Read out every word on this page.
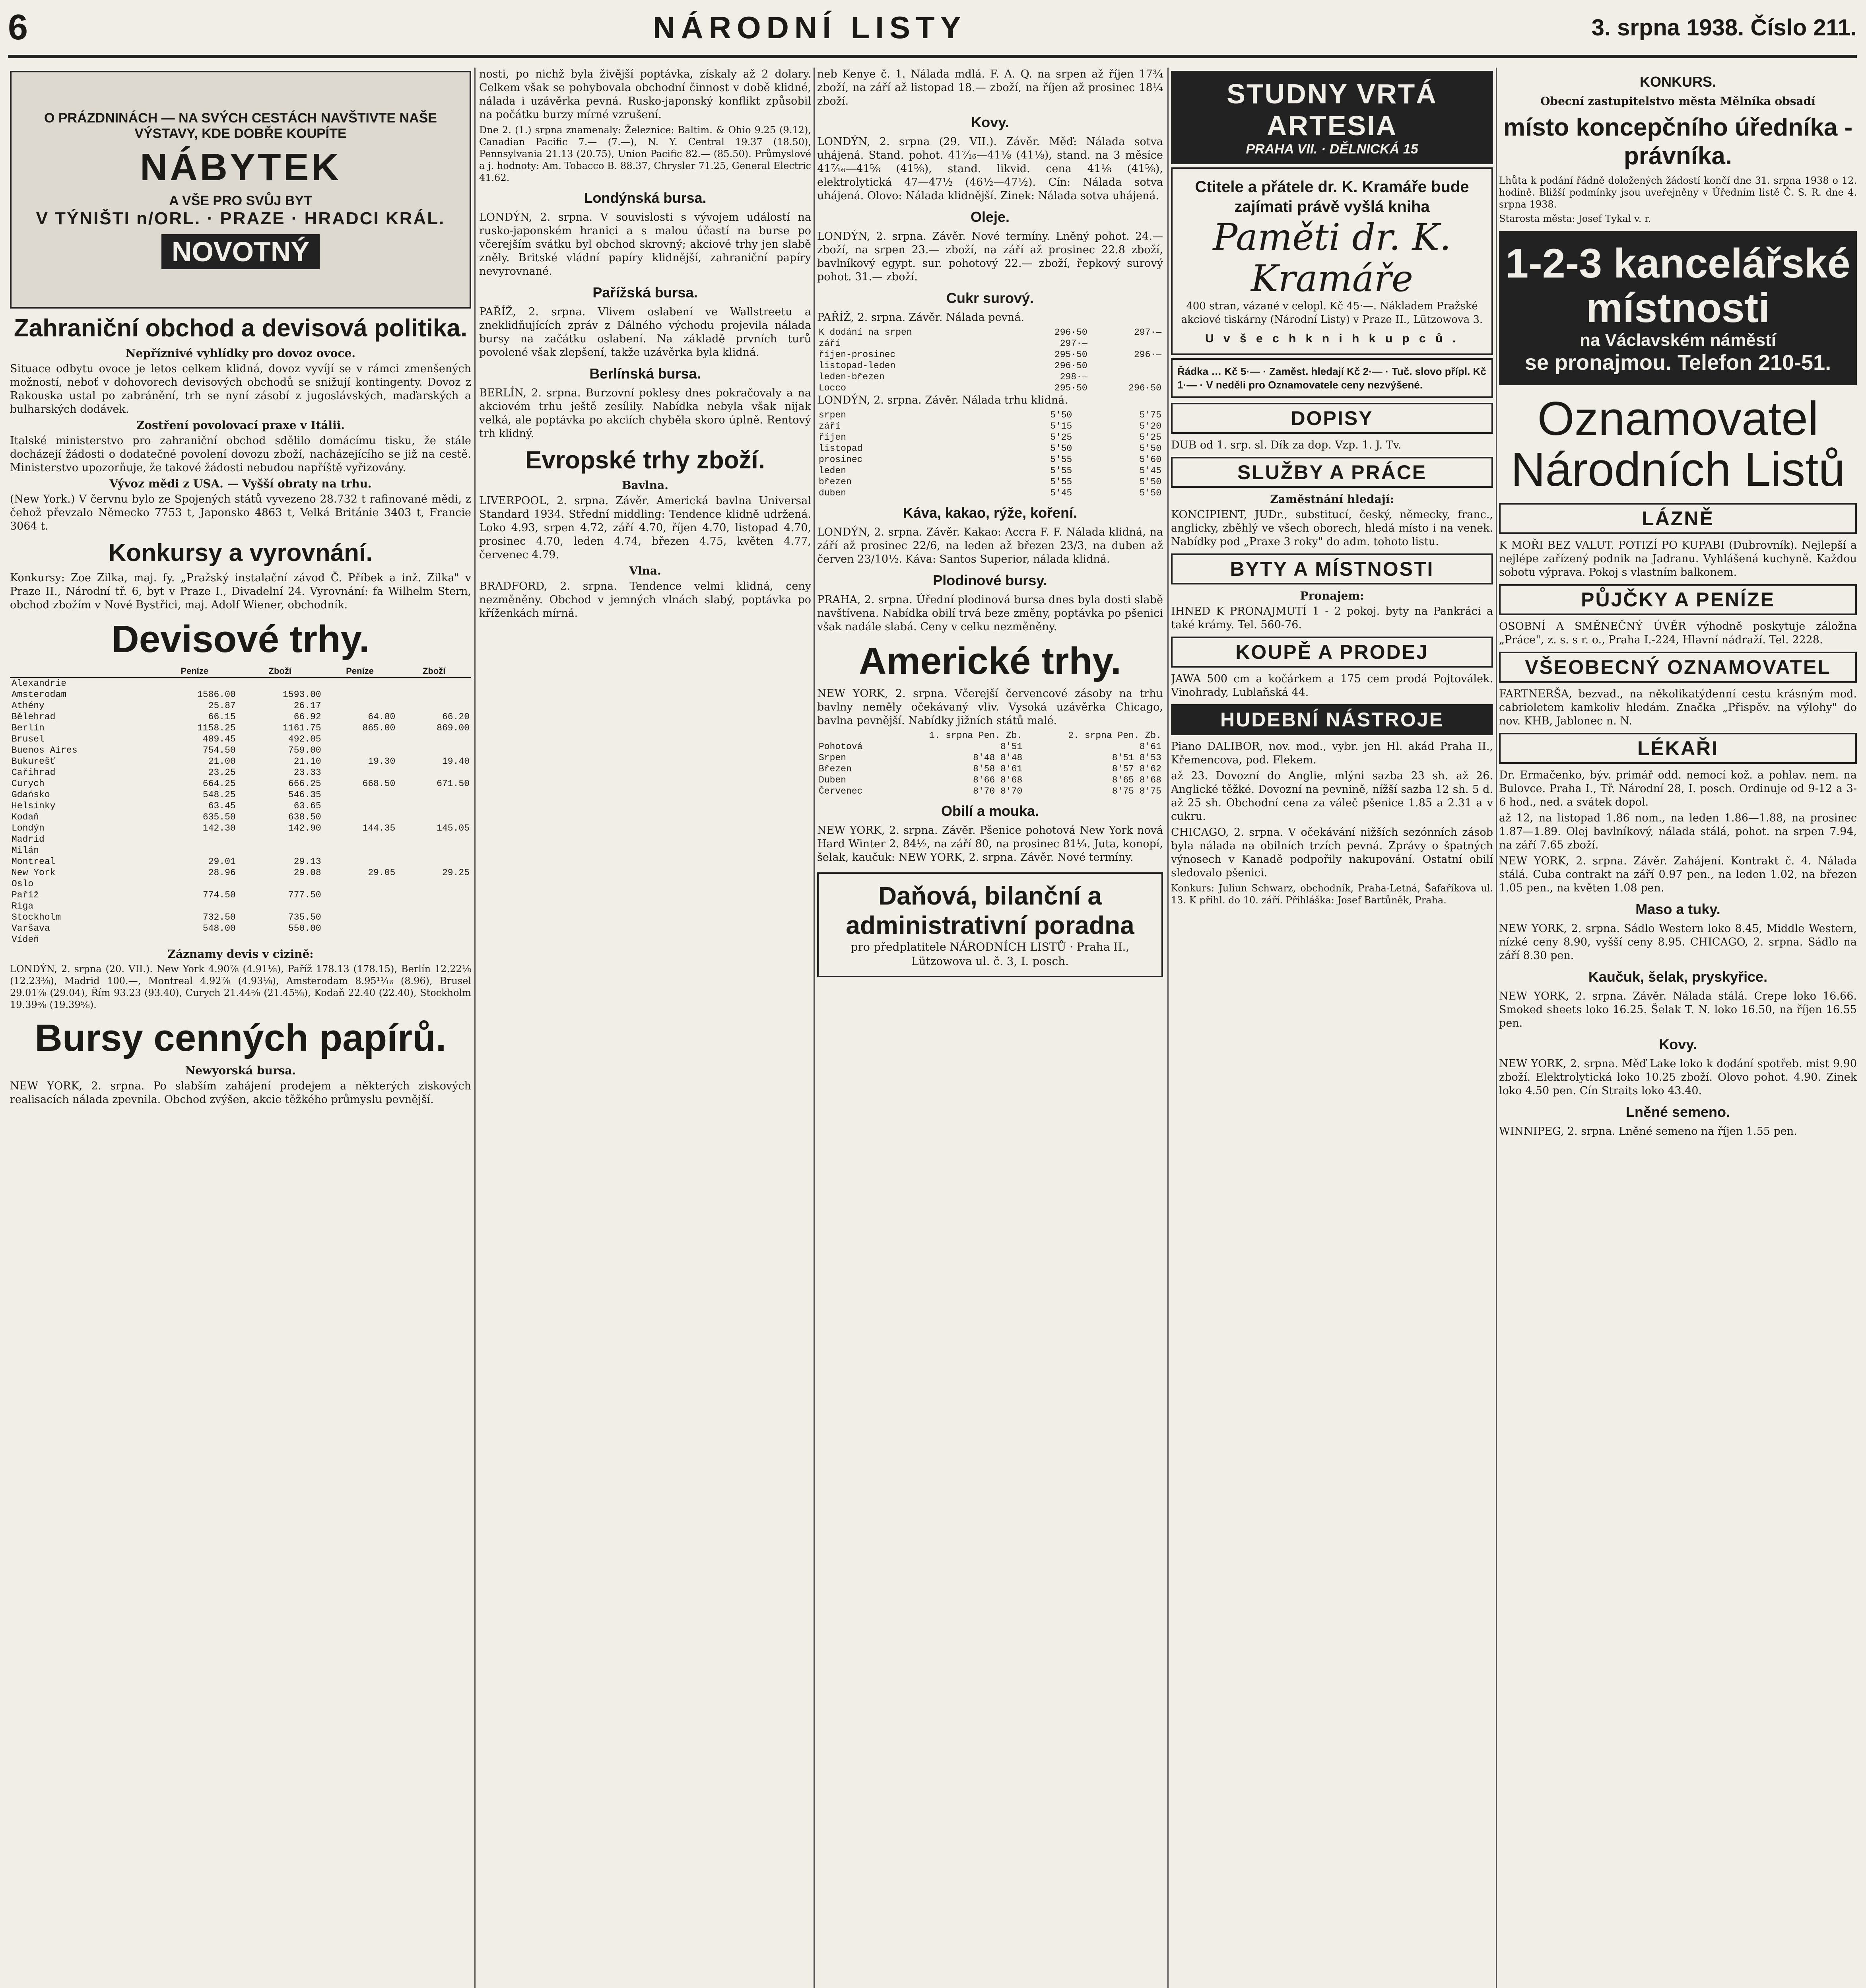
6	NÁRODNÍ LISTY	3. srpna 1938. Číslo 211.
O PRÁZDNINÁCH — NA SVÝCH CESTÁCH NAVŠTIVTE NAŠE VÝSTAVY, KDE DOBŘE KOUPÍTE
NÁBYTEK
A VŠE PRO SVŮJ BYT
V TÝNIŠTI n/ORL. · PRAZE · HRADCI KRÁL.
NOVOTNÝ
Zahraniční obchod a devisová politika.
Nepříznivé vyhlídky pro dovoz ovoce.

Situace odbytu ovoce je letos celkem klidná, dovoz vyvíjí se v rámci zmenšených možností, neboť v dohovorech devisových obchodů se snižují kontingenty. Dovoz z Rakouska ustal po zabránění, trh se nyní zásobí z jugoslávských, maďarských a bulharských dodávek.

Zostření povolovací praxe v Itálii.

Italské ministerstvo pro zahraniční obchod sdělilo domácímu tisku, že stále docházejí žádosti o dodatečné povolení dovozu zboží, nacházejícího se již na cestě. Ministerstvo upozorňuje, že takové žádosti nebudou napříště vyřizovány.

Vývoz mědi z USA. — Vyšší obraty na trhu.

(New York.) V červnu bylo ze Spojených států vyvezeno 28.732 t rafinované mědi, z čehož převzalo Německo 7753 t, Japonsko 4863 t, Velká Británie 3403 t, Francie 3064 t.

Konkursy a vyrovnání.

Konkursy: Zoe Zilka, maj. fy. „Pražský instalační závod Č. Příbek a inž. Zilka" v Praze II., Národní tř. 6, byt v Praze I., Divadelní 24. Vyrovnání: fa Wilhelm Stern, obchod zbožím v Nové Bystřici, maj. Adolf Wiener, obchodník.

Devisové trhy.
	Peníze	Zboží	Peníze	Zboží
Alexandrie				
Amsterodam	1586.00	1593.00		
Athény	25.87	26.17		
Bělehrad	66.15	66.92	64.80	66.20
Berlín	1158.25	1161.75	865.00	869.00
Brusel	489.45	492.05		
Buenos Aires	754.50	759.00		
Bukurešť	21.00	21.10	19.30	19.40
Cařihrad	23.25	23.33		
Curych	664.25	666.25	668.50	671.50
Gdańsko	548.25	546.35		
Helsinky	63.45	63.65		
Kodaň	635.50	638.50		
Londýn	142.30	142.90	144.35	145.05
Madrid				
Milán				
Montreal	29.01	29.13		
New York	28.96	29.08	29.05	29.25
Oslo				
Paříž	774.50	777.50		
Riga				
Stockholm	732.50	735.50		
Varšava	548.00	550.00		
Vídeň				
Záznamy devis v cizině:

LONDÝN, 2. srpna (20. VII.). New York 4.90⅞ (4.91⅛), Paříž 178.13 (178.15), Berlín 12.22⅛ (12.23⅜), Madrid 100.—, Montreal 4.92⅞ (4.93⅛), Amsterodam 8.95¹¹⁄₁₆ (8.96), Brusel 29.01⅞ (29.04), Řím 93.23 (93.40), Curych 21.44⅝ (21.45⅝), Kodaň 22.40 (22.40), Stockholm 19.39⅝ (19.39⅝).

Bursy cenných papírů.
Newyorská bursa.

NEW YORK, 2. srpna. Po slabším zahájení prodejem a některých ziskových realisacích nálada zpevnila. Obchod zvýšen, akcie těžkého průmyslu pevnější.

nosti, po nichž byla živější poptávka, získaly až 2 dolary. Celkem však se pohybovala obchodní činnost v době klidné, nálada i uzávěrka pevná. Rusko-japonský konflikt způsobil na počátku burzy mírné vzrušení.

Dne 2. (1.) srpna znamenaly: Železnice: Baltim. & Ohio 9.25 (9.12), Canadian Pacific 7.— (7.—), N. Y. Central 19.37 (18.50), Pennsylvania 21.13 (20.75), Union Pacific 82.— (85.50). Průmyslové a j. hodnoty: Am. Tobacco B. 88.37, Chrysler 71.25, General Electric 41.62.

Londýnská bursa.

LONDÝN, 2. srpna. V souvislosti s vývojem událostí na rusko-japonském hranici a s malou účastí na burse po včerejším svátku byl obchod skrovný; akciové trhy jen slabě zněly. Britské vládní papíry klidnější, zahraniční papíry nevyrovnané.

Pařížská bursa.

PAŘÍŽ, 2. srpna. Vlivem oslabení ve Wallstreetu a zneklidňujících zpráv z Dálného východu projevila nálada bursy na začátku oslabení. Na základě prvních turů povolené však zlepšení, takže uzávěrka byla klidná.

Berlínská bursa.

BERLÍN, 2. srpna. Burzovní poklesy dnes pokračovaly a na akciovém trhu ještě zesílily. Nabídka nebyla však nijak velká, ale poptávka po akciích chyběla skoro úplně. Rentový trh klidný.

Evropské trhy zboží.
Bavlna.

LIVERPOOL, 2. srpna. Závěr. Americká bavlna Universal Standard 1934. Střední middling: Tendence klidně udržená. Loko 4.93, srpen 4.72, září 4.70, říjen 4.70, listopad 4.70, prosinec 4.70, leden 4.74, březen 4.75, květen 4.77, červenec 4.79.

Vlna.

BRADFORD, 2. srpna. Tendence velmi klidná, ceny nezměněny. Obchod v jemných vlnách slabý, poptávka po kříženkách mírná.

neb Kenye č. 1. Nálada mdlá. F. A. Q. na srpen až říjen 17¾ zboží, na září až listopad 18.— zboží, na říjen až prosinec 18¼ zboží.

Kovy.

LONDÝN, 2. srpna (29. VII.). Závěr. Měď: Nálada sotva uhájená. Stand. pohot. 41⁷⁄₁₆—41⅛ (41⅛), stand. na 3 měsíce 41⁷⁄₁₆—41⅝ (41⅝), stand. likvid. cena 41⅛ (41⅝), elektrolytická 47—47½ (46½—47½). Cín: Nálada sotva uhájená. Olovo: Nálada klidnější. Zinek: Nálada sotva uhájená.

Oleje.

LONDÝN, 2. srpna. Závěr. Nové termíny. Lněný pohot. 24.— zboží, na srpen 23.— zboží, na září až prosinec 22.8 zboží, bavlníkový egypt. sur. pohotový 22.— zboží, řepkový surový pohot. 31.— zboží.

Cukr surový.

PAŘÍŽ, 2. srpna. Závěr. Nálada pevná.

K dodání na srpen	296·50	297·—
září	297·—	
říjen-prosinec	295·50	296·—
listopad-leden	296·50	
leden-březen	298·—	
Locco	295·50	296·50

LONDÝN, 2. srpna. Závěr. Nálada trhu klidná.

srpen	5'50	5'75
září	5'15	5'20
říjen	5'25	5'25
listopad	5'50	5'50
prosinec	5'55	5'60
leden	5'55	5'45
březen	5'55	5'50
duben	5'45	5'50
Káva, kakao, rýže, koření.

LONDÝN, 2. srpna. Závěr. Kakao: Accra F. F. Nálada klidná, na září až prosinec 22/6, na leden až březen 23/3, na duben až červen 23/10½. Káva: Santos Superior, nálada klidná.

Plodinové bursy.

PRAHA, 2. srpna. Úřední plodinová bursa dnes byla dosti slabě navštívena. Nabídka obilí trvá beze změny, poptávka po pšenici však nadále slabá. Ceny v celku nezměněny.

Americké trhy.

NEW YORK, 2. srpna. Včerejší červencové zásoby na trhu bavlny neměly očekávaný vliv. Vysoká uzávěrka Chicago, bavlna pevnější. Nabídky jižních států malé.

	1. srpna Pen. Zb.	2. srpna Pen. Zb.
Pohotová	8'51	8'61
Srpen	8'48 8'48	8'51 8'53
Březen	8'58 8'61	8'57 8'62
Duben	8'66 8'68	8'65 8'68
Červenec	8'70 8'70	8'75 8'75
Obilí a mouka.

NEW YORK, 2. srpna. Závěr. Pšenice pohotová New York nová Hard Winter 2. 84½, na září 80, na prosinec 81¼. Juta, konopí, šelak, kaučuk: NEW YORK, 2. srpna. Závěr. Nové termíny.

Daňová, bilanční a administrativní poradna
pro předplatitele NÁRODNÍCH LISTŮ · Praha II., Lützowova ul. č. 3, I. posch.
STUDNY VRTÁ ARTESIA
PRAHA VII. · DĚLNICKÁ 15
Ctitele a přátele dr. K. Kramáře bude zajímati právě vyšlá kniha
Paměti dr. K. Kramáře
400 stran, vázané v celopl. Kč 45·—. Nákladem Pražské akciové tiskárny (Národní Listy) v Praze II., Lützowova 3.
U v š e c h k n i h k u p c ů .
Řádka … Kč 5·— · Zaměst. hledají Kč 2·— · Tuč. slovo přípl. Kč 1·— · V neděli pro Oznamovatele ceny nezvýšené.
DOPISY

DUB od 1. srp. sl. Dík za dop. Vzp. 1. J. Tv.

SLUŽBY A PRÁCE
Zaměstnání hledají:

KONCIPIENT, JUDr., substitucí, český, německy, franc., anglicky, zběhlý ve všech oborech, hledá místo i na venek. Nabídky pod „Praxe 3 roky" do adm. tohoto listu.

BYTY A MÍSTNOSTI
Pronajem:

IHNED K PRONAJMUTÍ 1 - 2 pokoj. byty na Pankráci a také krámy. Tel. 560-76.

KOUPĚ A PRODEJ

JAWA 500 cm a kočárkem a 175 cem prodá Pojtoválek. Vinohrady, Lublaňská 44.

HUDEBNÍ NÁSTROJE

Piano DALIBOR, nov. mod., vybr. jen Hl. akád Praha II., Křemencova, pod. Flekem.

až 23. Dovozní do Anglie, mlýni sazba 23 sh. až 26. Anglické těžké. Dovozní na pevnině, nížší sazba 12 sh. 5 d. až 25 sh. Obchodní cena za váleč pšenice 1.85 a 2.31 a v cukru.

CHICAGO, 2. srpna. V očekávání nižších sezónních zásob byla nálada na obilních trzích pevná. Zprávy o špatných výnosech v Kanadě podpořily nakupování. Ostatní obilí sledovalo pšenici.

Konkurs: Juliun Schwarz, obchodník, Praha-Letná, Šafaříkova ul. 13. K přihl. do 10. září. Přihláška: Josef Bartůněk, Praha.

KONKURS.
Obecní zastupitelstvo města Mělníka obsadí
místo koncepčního úředníka - právníka.

Lhůta k podání řádně doložených žádostí končí dne 31. srpna 1938 o 12. hodině. Bližší podmínky jsou uveřejněny v Úředním listě Č. S. R. dne 4. srpna 1938.

Starosta města: Josef Tykal v. r.

1-2-3 kancelářské místnosti
na Václavském náměstí
se pronajmou. Telefon 210-51.
Oznamovatel Národních Listů
LÁZNĚ

K MOŘI BEZ VALUT. POTIZÍ PO KUPABI (Dubrovník). Nejlepší a nejlépe zařízený podnik na Jadranu. Vyhlášená kuchyně. Každou sobotu výprava. Pokoj s vlastním balkonem.

PŮJČKY A PENÍZE

OSOBNÍ A SMĚNEČNÝ ÚVĚR výhodně poskytuje záložna „Práce", z. s. s r. o., Praha I.-224, Hlavní nádraží. Tel. 2228.

VŠEOBECNÝ OZNAMOVATEL

FARTNERŠA, bezvad., na několikatýdenní cestu krásným mod. cabrioletem kamkoliv hledám. Značka „Přispěv. na výlohy" do nov. KHB, Jablonec n. N.

LÉKAŘI

Dr. Ermačenko, býv. primář odd. nemocí kož. a pohlav. nem. na Bulovce. Praha I., Tř. Národní 28, I. posch. Ordinuje od 9-12 a 3-6 hod., ned. a svátek dopol.

až 12, na listopad 1.86 nom., na leden 1.86—1.88, na prosinec 1.87—1.89. Olej bavlníkový, nálada stálá, pohot. na srpen 7.94, na září 7.65 zboží.

NEW YORK, 2. srpna. Závěr. Zahájení. Kontrakt č. 4. Nálada stálá. Cuba contrakt na září 0.97 pen., na leden 1.02, na březen 1.05 pen., na květen 1.08 pen.

Maso a tuky.

NEW YORK, 2. srpna. Sádlo Western loko 8.45, Middle Western, nízké ceny 8.90, vyšší ceny 8.95. CHICAGO, 2. srpna. Sádlo na září 8.30 pen.

Kaučuk, šelak, pryskyřice.

NEW YORK, 2. srpna. Závěr. Nálada stálá. Crepe loko 16.66. Smoked sheets loko 16.25. Šelak T. N. loko 16.50, na říjen 16.55 pen.

Kovy.

NEW YORK, 2. srpna. Měď Lake loko k dodání spotřeb. mist 9.90 zboží. Elektrolytická loko 10.25 zboží. Olovo pohot. 4.90. Zinek loko 4.50 pen. Cín Straits loko 43.40.

Lněné semeno.

WINNIPEG, 2. srpna. Lněné semeno na říjen 1.55 pen.
